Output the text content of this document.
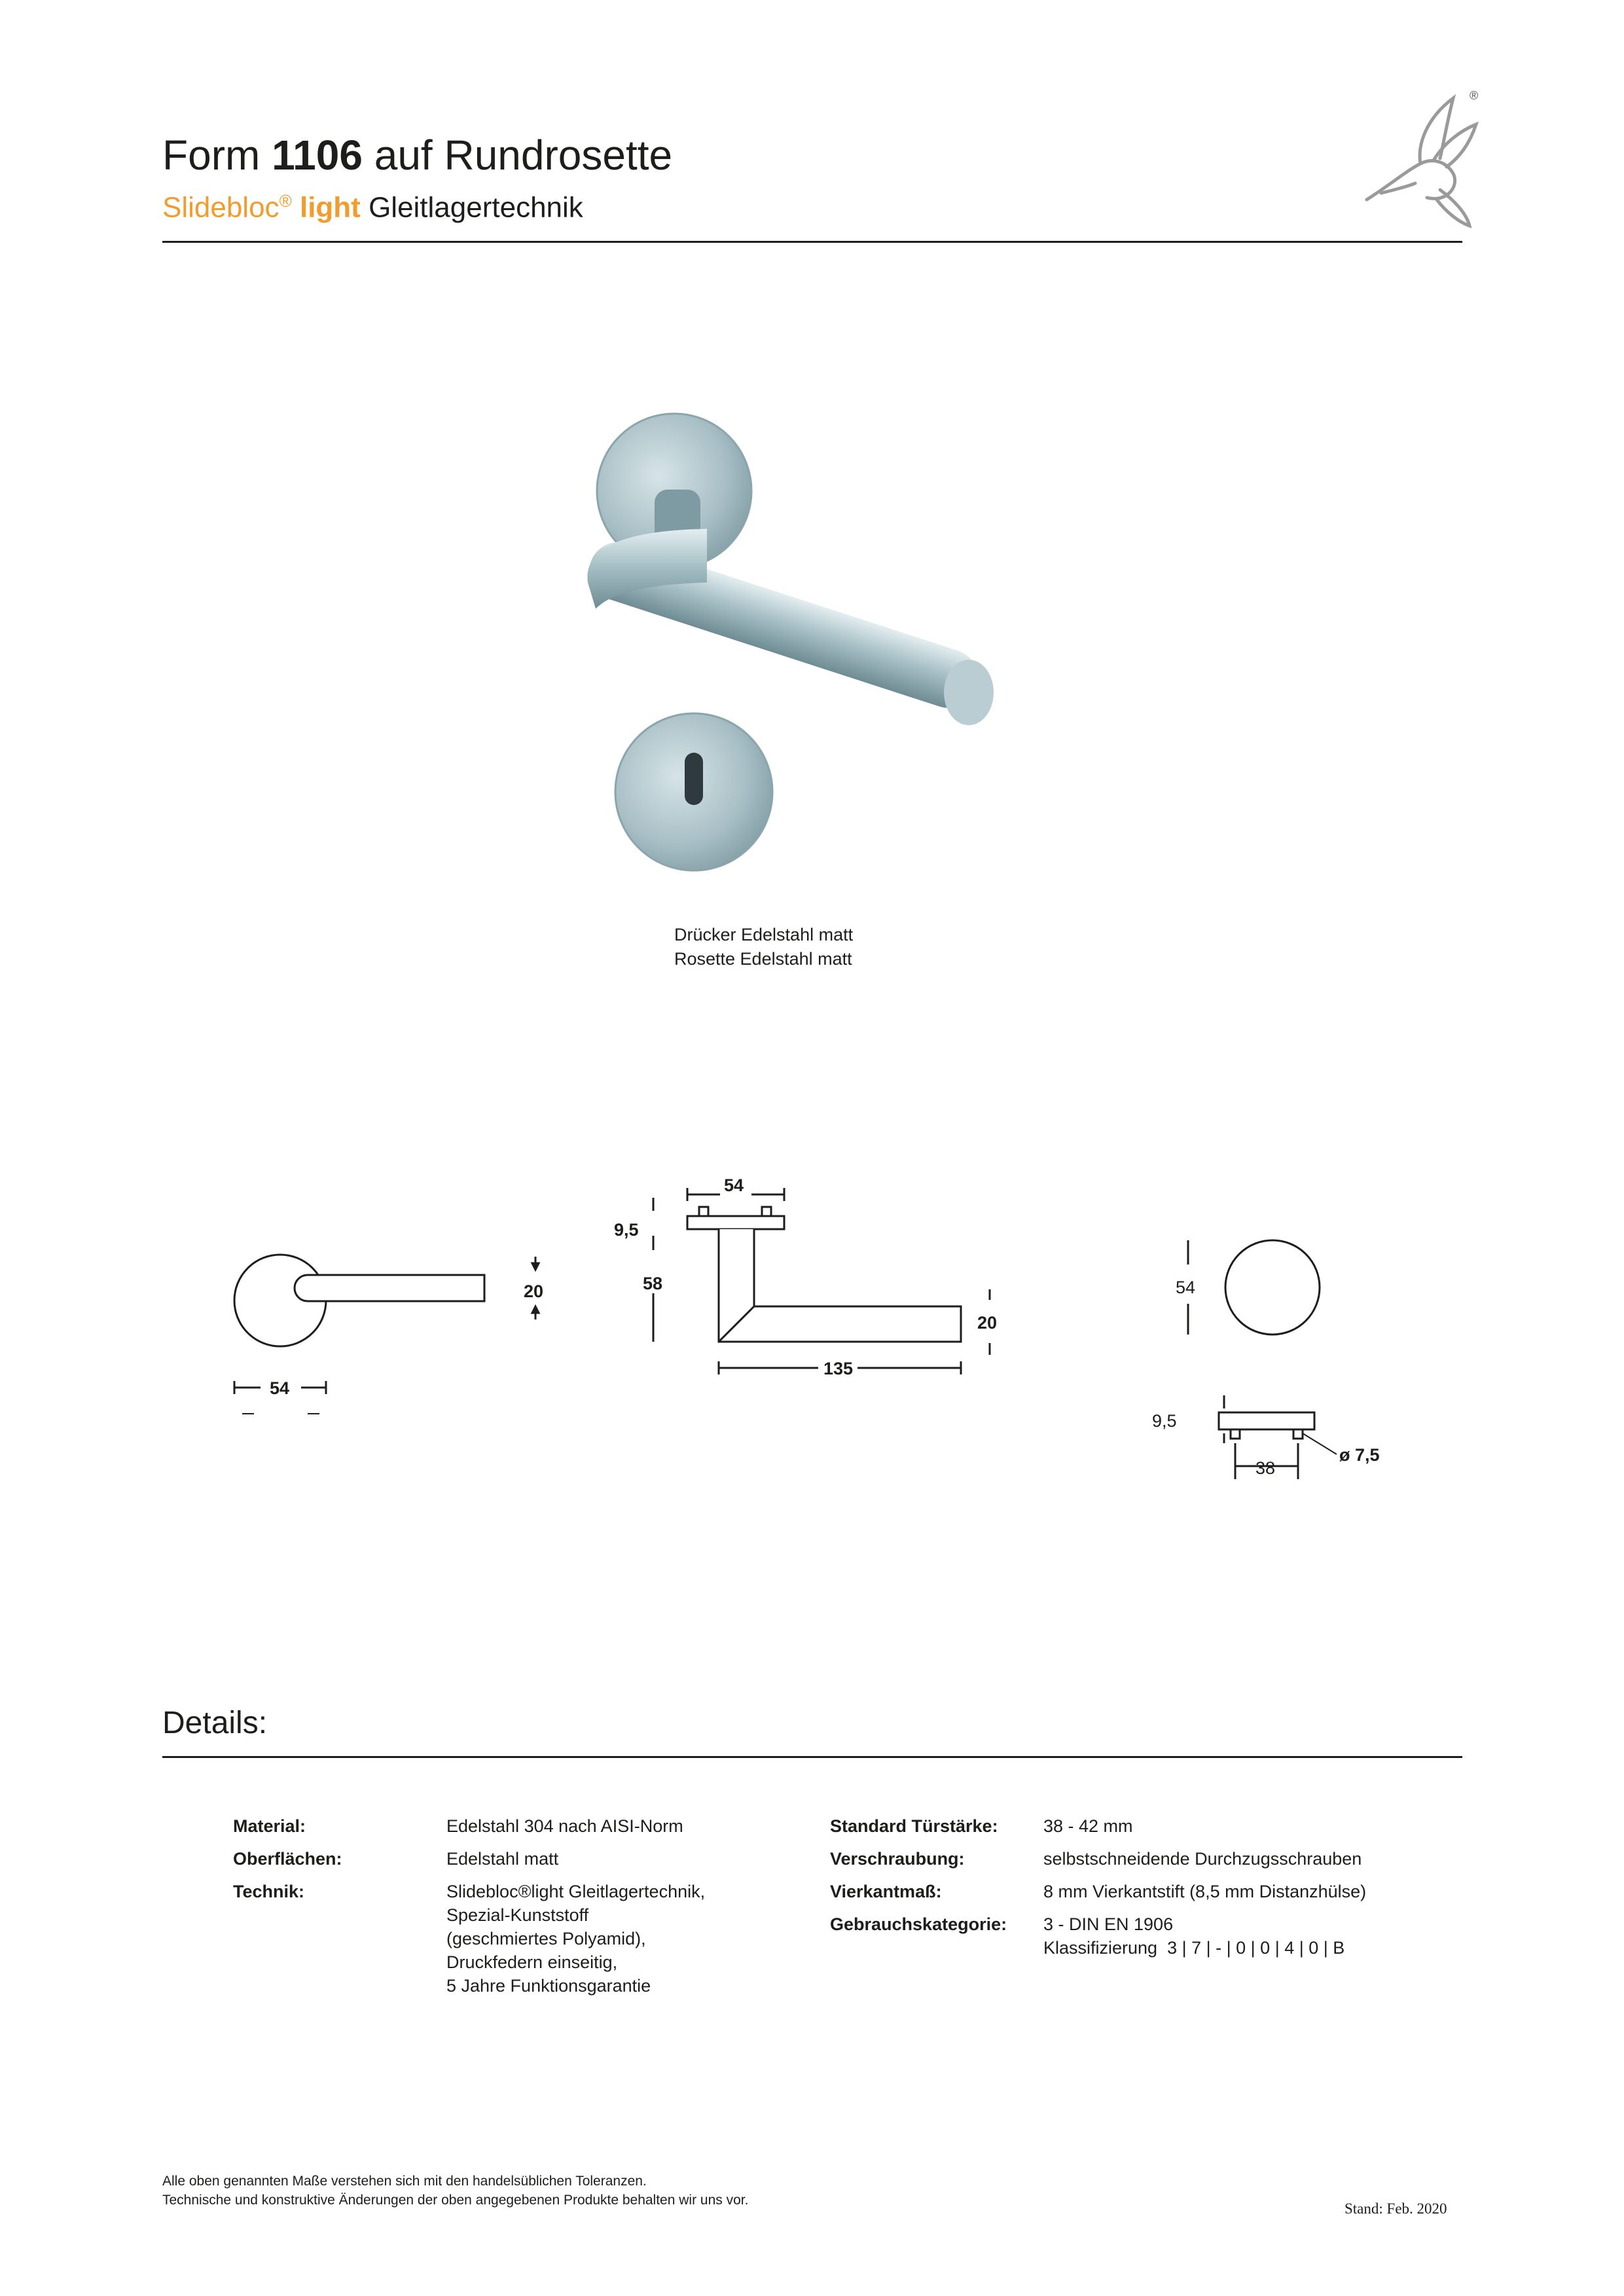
Form 1106 auf Rundrosette
Slidebloc® light Gleitlagertechnik
®
Drücker Edelstahl matt
Rosette Edelstahl matt
20
54
54
9,5
58
20
135
54
9,5
38
ø 7,5
Details:
Material:	Edelstahl 304 nach AISI-Norm
Oberflächen:	Edelstahl matt
Technik:	Slidebloc®light Gleitlagertechnik,
Spezial-Kunststoff
(geschmiertes Polyamid),
Druckfedern einseitig,
5 Jahre Funktionsgarantie
Standard Türstärke:	38 - 42 mm
Verschraubung:	selbstschneidende Durchzugsschrauben
Vierkantmaß:	8 mm Vierkantstift (8,5 mm Distanzhülse)
Gebrauchskategorie: 3 - DIN EN 1906
Klassifizierung  3 | 7 | - | 0 | 0 | 4 | 0 | B
Alle oben genannten Maße verstehen sich mit den handelsüblichen Toleranzen.
Technische und konstruktive Änderungen der oben angegebenen Produkte behalten wir uns vor.
Stand: Feb. 2020
